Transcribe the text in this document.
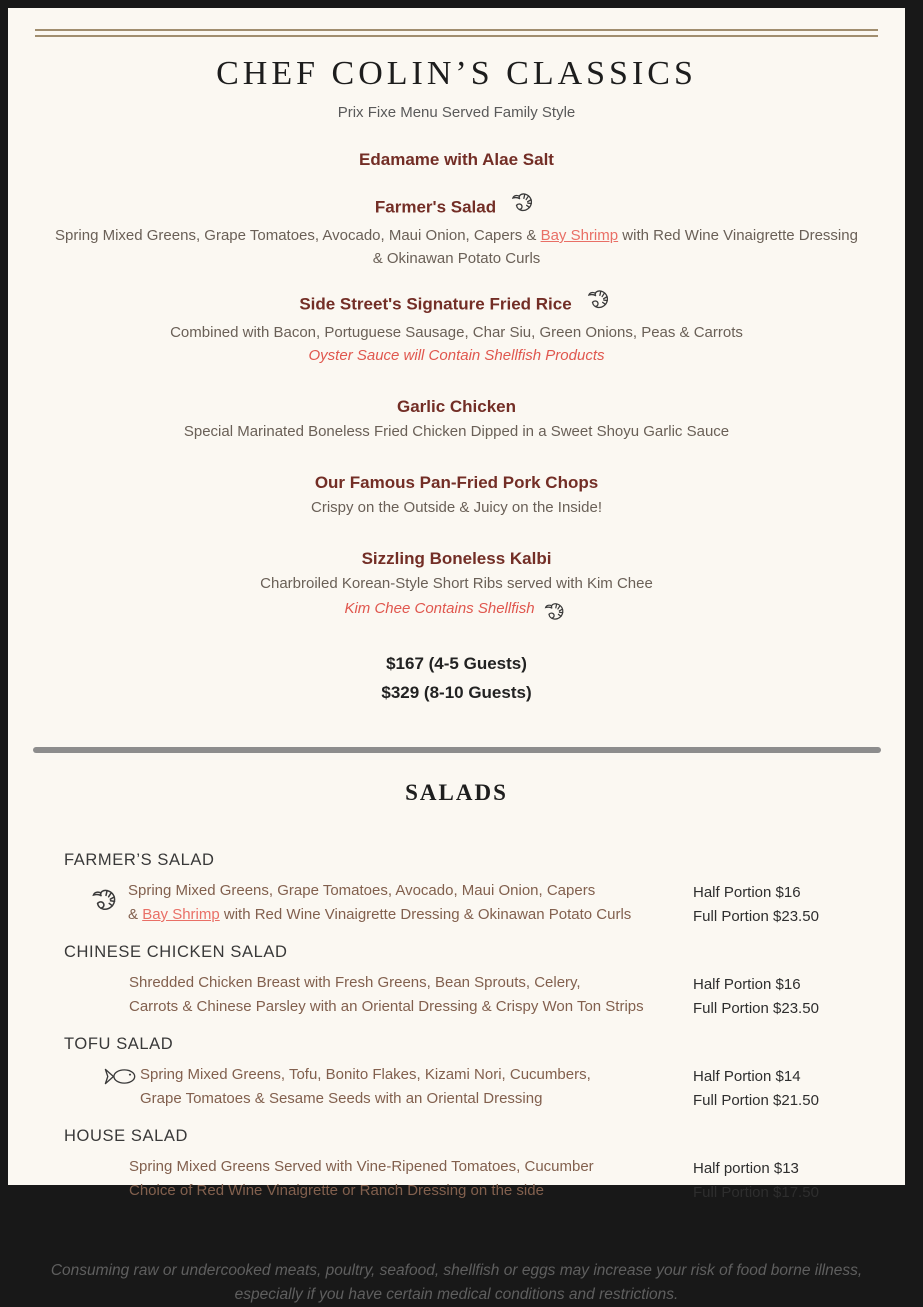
CHEF COLIN’S CLASSICS
Prix Fixe Menu Served Family Style
Edamame with Alae Salt
Farmer's Salad
Spring Mixed Greens, Grape Tomatoes, Avocado, Maui Onion, Capers & Bay Shrimp with Red Wine Vinaigrette Dressing & Okinawan Potato Curls
Side Street's Signature Fried Rice
Combined with Bacon, Portuguese Sausage, Char Siu, Green Onions, Peas & Carrots
Oyster Sauce will Contain Shellfish Products
Garlic Chicken
Special Marinated Boneless Fried Chicken Dipped in a Sweet Shoyu Garlic Sauce
Our Famous Pan-Fried Pork Chops
Crispy on the Outside & Juicy on the Inside!
Sizzling Boneless Kalbi
Charbroiled Korean-Style Short Ribs served with Kim Chee
Kim Chee Contains Shellfish
$167 (4-5 Guests)
$329 (8-10 Guests)
SALADS
FARMER’S SALAD
Spring Mixed Greens, Grape Tomatoes, Avocado, Maui Onion, Capers
& Bay Shrimp with Red Wine Vinaigrette Dressing & Okinawan Potato Curls
Half Portion $16
Full Portion $23.50
CHINESE CHICKEN SALAD
Shredded Chicken Breast with Fresh Greens, Bean Sprouts, Celery,
Carrots & Chinese Parsley with an Oriental Dressing & Crispy Won Ton Strips
Half Portion $16
Full Portion $23.50
TOFU SALAD
Spring Mixed Greens, Tofu, Bonito Flakes, Kizami Nori, Cucumbers,
Grape Tomatoes & Sesame Seeds with an Oriental Dressing
Half Portion $14
Full Portion $21.50
HOUSE SALAD
Spring Mixed Greens Served with Vine-Ripened Tomatoes, Cucumber
Choice of Red Wine Vinaigrette or Ranch Dressing on the side
Half portion $13
Full Portion $17.50
Consuming raw or undercooked meats, poultry, seafood, shellfish or eggs may increase your risk of food borne illness, especially if you have certain medical conditions and restrictions.
